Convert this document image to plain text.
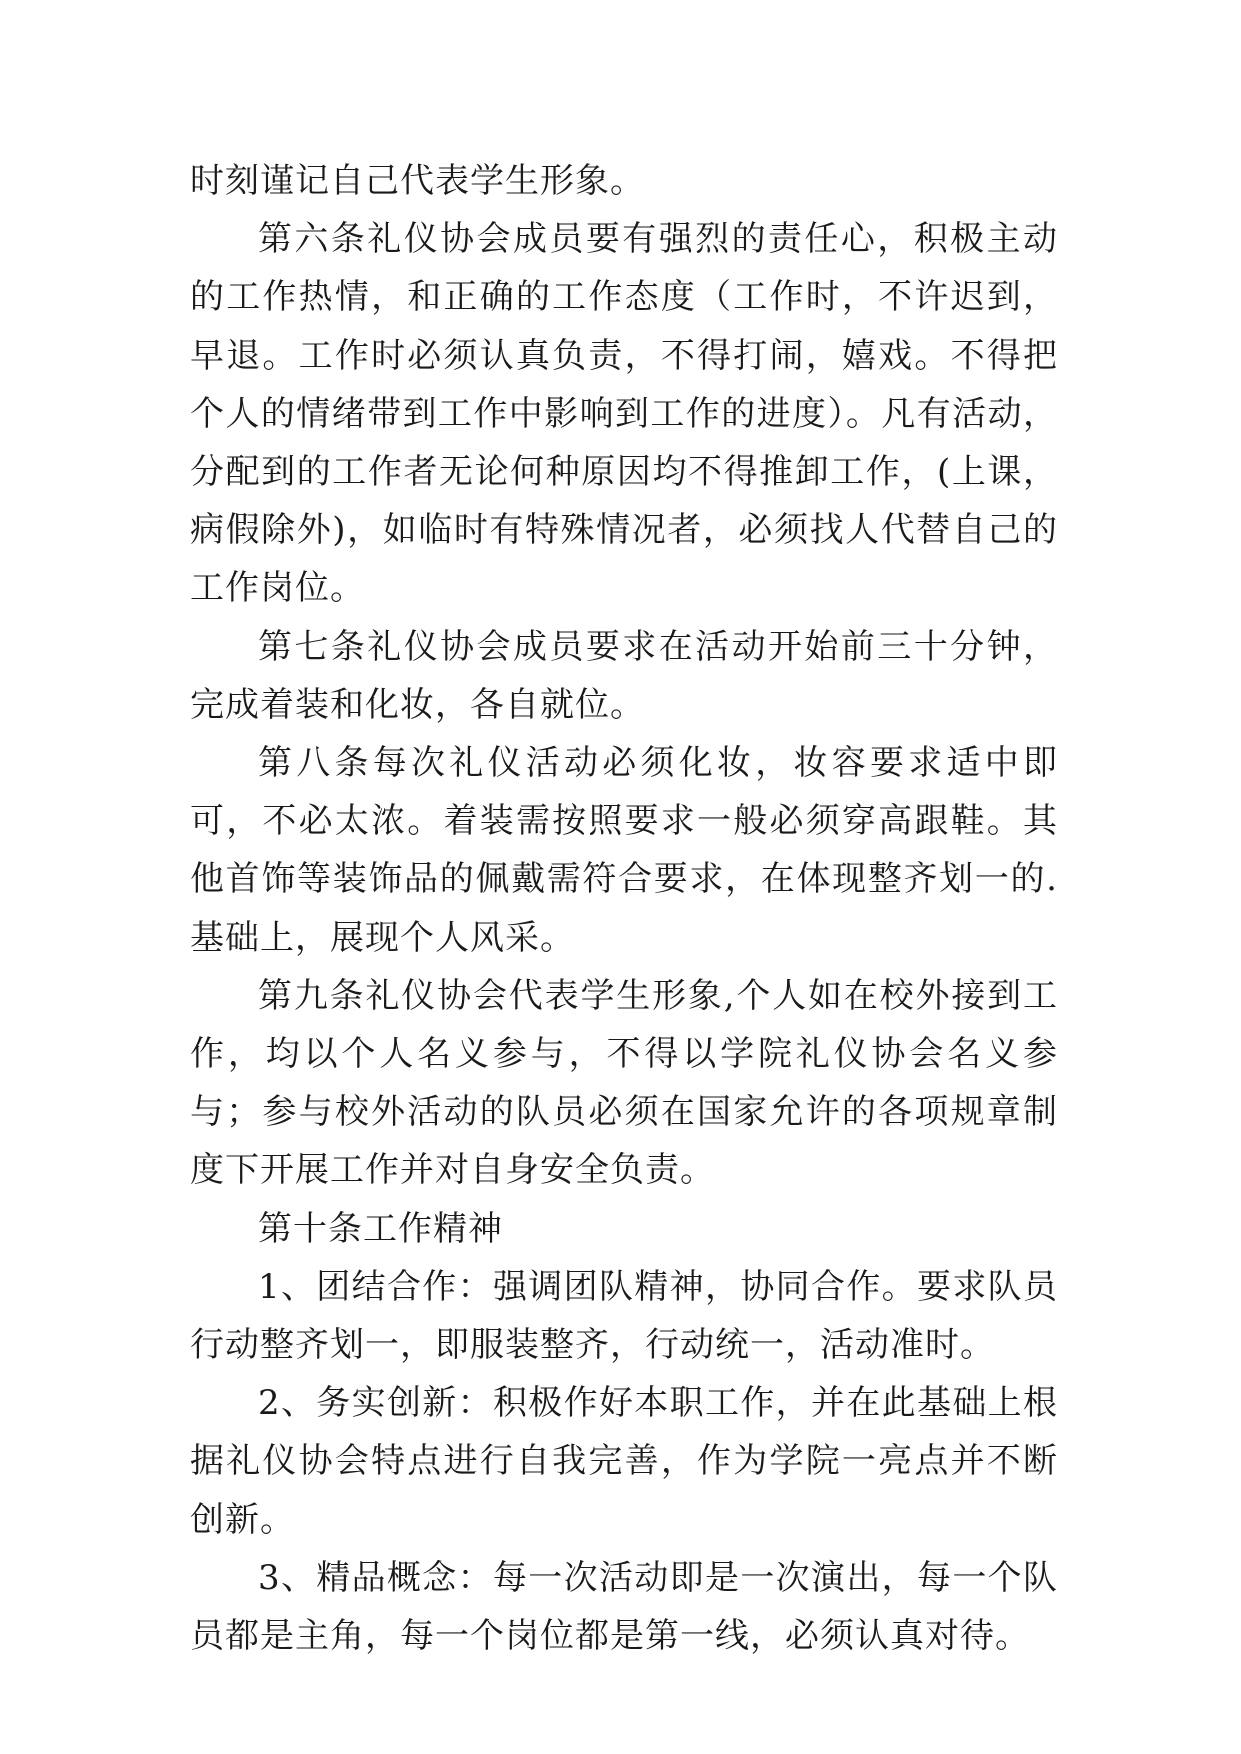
时刻谨记自己代表学生形象。

第六条礼仪协会成员要有强烈的责任心，积极主动的工作热情，和正确的工作态度（工作时，不许迟到，早退。工作时必须认真负责，不得打闹，嬉戏。不得把个人的情绪带到工作中影响到工作的进度）。凡有活动，分配到的工作者无论何种原因均不得推卸工作，(上课，病假除外)，如临时有特殊情况者，必须找人代替自己的工作岗位。

第七条礼仪协会成员要求在活动开始前三十分钟，完成着装和化妆，各自就位。

第八条每次礼仪活动必须化妆，妆容要求适中即可，不必太浓。着装需按照要求一般必须穿高跟鞋。其他首饰等装饰品的佩戴需符合要求，在体现整齐划一的.基础上，展现个人风采。

第九条礼仪协会代表学生形象,个人如在校外接到工作，均以个人名义参与，不得以学院礼仪协会名义参与；参与校外活动的队员必须在国家允许的各项规章制度下开展工作并对自身安全负责。

第十条工作精神

1、团结合作：强调团队精神，协同合作。要求队员行动整齐划一，即服装整齐，行动统一，活动准时。

2、务实创新：积极作好本职工作，并在此基础上根据礼仪协会特点进行自我完善，作为学院一亮点并不断创新。

3、精品概念：每一次活动即是一次演出，每一个队员都是主角，每一个岗位都是第一线，必须认真对待。
